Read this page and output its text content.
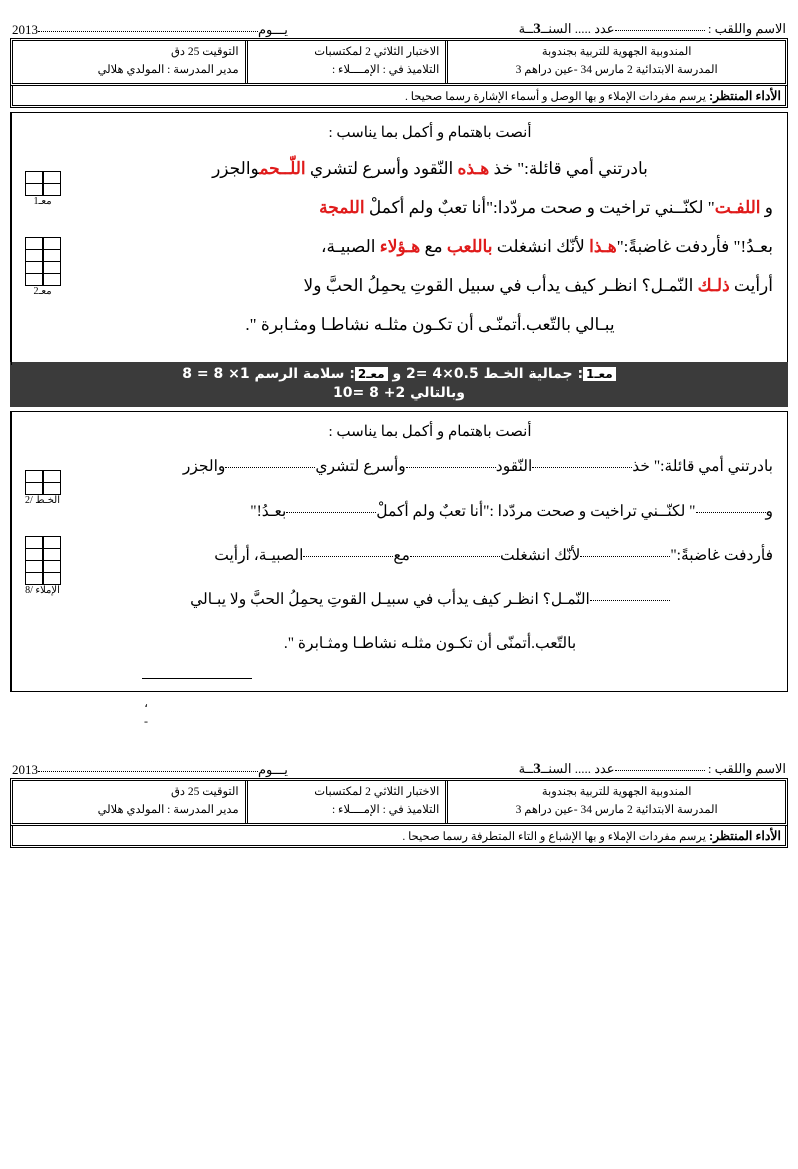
الاسم واللقب : عدد ..... السنــ3ــة
يـــوم2013
المندوبية الجهوية للتربية بجندوبة
المدرسة الابتدائية 2 مارس 34 -عين دراهم 3
الاختبار الثلاثي 2 لمكتسبات
التلاميذ في : الإمــــلاء :
التوقيت 25 دق
مدير المدرسة : المولدي هلالي
الأداء المنتظر:
يرسم مفردات الإملاء و بها الوصل و أسماء الإشارة رسما صحيحا .
معـ1
معـ2
أنصت باهتمام و أكمل بما يناسب :
بادرتني أمي قائلة:" خذ هـذه النّقود وأسرع لتشري اللّــحموالجزر
و اللفـت" لكنّــني تراخيت و صحت مردّدا:"أنا تعبٌ ولم أكملْ اللمجة
بعـدُ!" فأردفت غاضبةً:"هـذا لأنّك انشغلت باللعب مع هـؤلاء الصبيـة،
أرأيت ذلـك النّمـل؟ انظـر كيف يدأب في سبيل القوتِ يحمِلُ الحبَّ ولا
يبـالي بالتّعب.أتمنّـى أن تكـون مثلـه نشاطـا ومثـابرة ".
معـ1: جمالية الخـط 0.5×4 =2 و معـ2: سلامة الرسم 1× 8 = 8
وبالتالي 2+ 8 =10
الخـط /2
الإملاء /8
أنصت باهتمام و أكمل بما يناسب :
بادرتني أمي قائلة:" خذالنّقودوأسرع لتشريوالجزر
و" لكنّــني تراخيت و صحت مردّدا :"أنا تعبٌ ولم أكملْبعـدُ!"
فأردفت غاضبةً:"لأنّك انشغلتمعالصبيـة، أرأيت
النّمـل؟ انظـر كيف يدأب في سبيـل القوتِ يحمِلُ الحبَّ ولا يبـالي
بالتّعب.أتمنّى أن تكـون مثلـه نشاطـا ومثـابرة ".
،
-
الاسم واللقب : عدد ..... السنــ3ــة
يـــوم2013
المندوبية الجهوية للتربية بجندوبة
المدرسة الابتدائية 2 مارس 34 -عين دراهم 3
الاختبار الثلاثي 2 لمكتسبات
التلاميذ في : الإمــــلاء :
التوقيت 25 دق
مدير المدرسة : المولدي هلالي
الأداء المنتظر:
يرسم مفردات الإملاء و بها الإشباع و التاء المتطرفة رسما صحيحا .
